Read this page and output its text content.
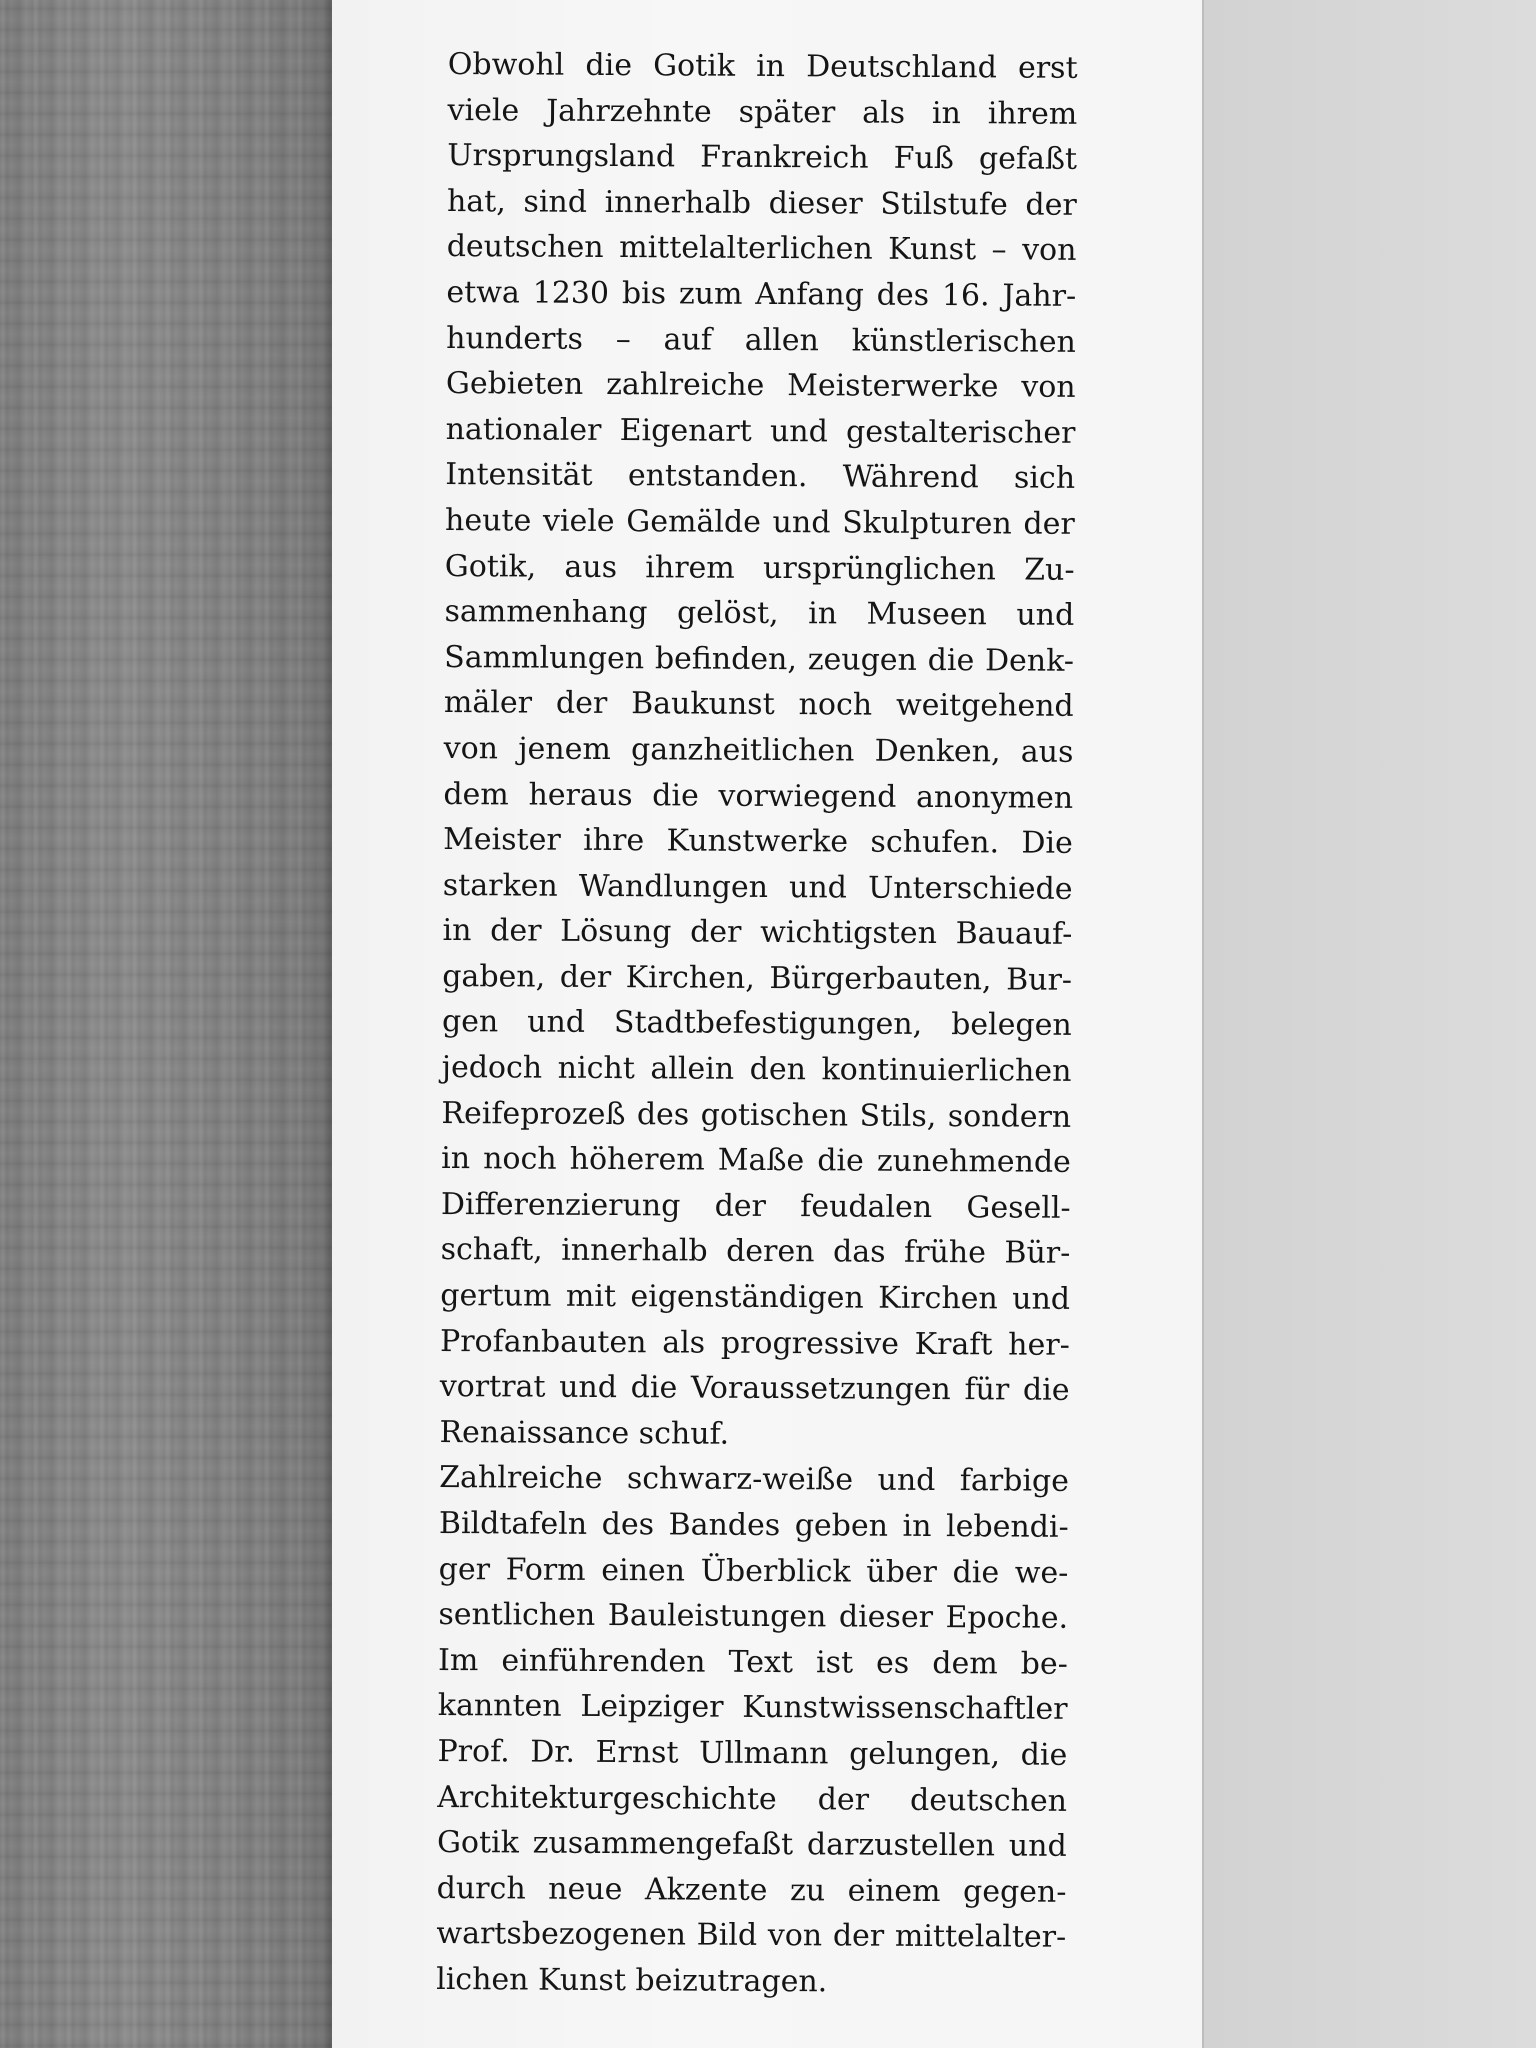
Obwohl die Gotik in Deutschland erst
viele Jahrzehnte später als in ihrem
Ursprungsland Frankreich Fuß gefaßt
hat, sind innerhalb dieser Stilstufe der
deutschen mittelalterlichen Kunst – von
etwa 1230 bis zum Anfang des 16. Jahr-
hunderts – auf allen künstlerischen
Gebieten zahlreiche Meisterwerke von
nationaler Eigenart und gestalterischer
Intensität entstanden. Während sich
heute viele Gemälde und Skulpturen der
Gotik, aus ihrem ursprünglichen Zu-
sammenhang gelöst, in Museen und
Sammlungen befinden, zeugen die Denk-
mäler der Baukunst noch weitgehend
von jenem ganzheitlichen Denken, aus
dem heraus die vorwiegend anonymen
Meister ihre Kunstwerke schufen. Die
starken Wandlungen und Unterschiede
in der Lösung der wichtigsten Bauauf-
gaben, der Kirchen, Bürgerbauten, Bur-
gen und Stadtbefestigungen, belegen
jedoch nicht allein den kontinuierlichen
Reifeprozeß des gotischen Stils, sondern
in noch höherem Maße die zunehmende
Differenzierung der feudalen Gesell-
schaft, innerhalb deren das frühe Bür-
gertum mit eigenständigen Kirchen und
Profanbauten als progressive Kraft her-
vortrat und die Voraussetzungen für die
Renaissance schuf.
Zahlreiche schwarz-weiße und farbige
Bildtafeln des Bandes geben in lebendi-
ger Form einen Überblick über die we-
sentlichen Bauleistungen dieser Epoche.
Im einführenden Text ist es dem be-
kannten Leipziger Kunstwissenschaftler
Prof. Dr. Ernst Ullmann gelungen, die
Architekturgeschichte der deutschen
Gotik zusammengefaßt darzustellen und
durch neue Akzente zu einem gegen-
wartsbezogenen Bild von der mittelalter-
lichen Kunst beizutragen.
